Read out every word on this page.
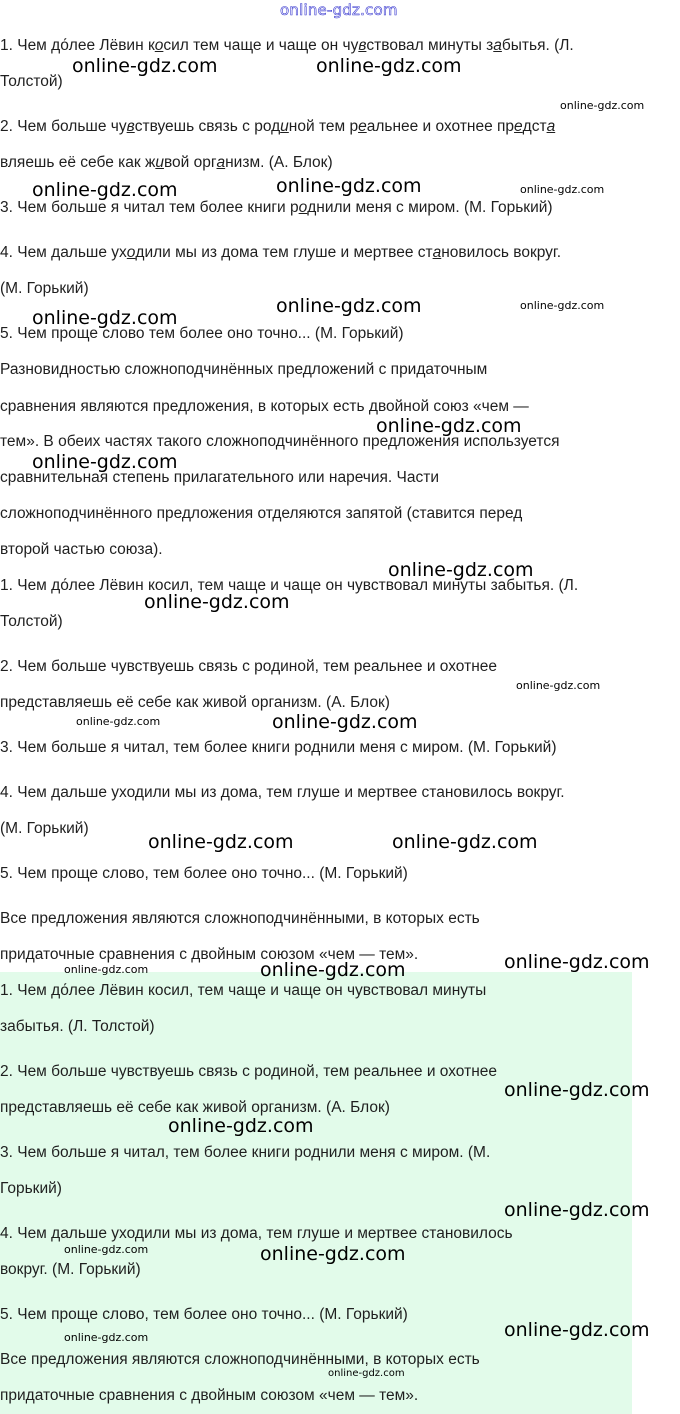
online-gdz.com
1. Чем до́лее Лёвин косил тем чаще и чаще он чувствовал минуты забытья. (Л.
Толстой)
2. Чем больше чувствуешь связь с родиной тем реальнее и охотнее предста
вляешь её себе как живой организм. (А. Блок)
3. Чем больше я читал тем более книги роднили меня с миром. (М. Горький)
4. Чем дальше уходили мы из дома тем глуше и мертвее становилось вокруг.
(М. Горький)
5. Чем проще слово тем более оно точно... (М. Горький)
Разновидностью сложноподчинённых предложений с придаточным
сравнения являются предложения, в которых есть двойной союз «чем —
тем». В обеих частях такого сложноподчинённого предложения используется
сравнительная степень прилагательного или наречия. Части
сложноподчинённого предложения отделяются запятой (ставится перед
второй частью союза).
1. Чем до́лее Лёвин косил, тем чаще и чаще он чувствовал минуты забытья. (Л.
Толстой)
2. Чем больше чувствуешь связь с родиной, тем реальнее и охотнее
представляешь её себе как живой организм. (А. Блок)
3. Чем больше я читал, тем более книги роднили меня с миром. (М. Горький)
4. Чем дальше уходили мы из дома, тем глуше и мертвее становилось вокруг.
(М. Горький)
5. Чем проще слово, тем более оно точно... (М. Горький)
Все предложения являются сложноподчинёнными, в которых есть
придаточные сравнения с двойным союзом «чем — тем».
1. Чем до́лее Лёвин косил, тем чаще и чаще он чувствовал минуты
забытья. (Л. Толстой)
2. Чем больше чувствуешь связь с родиной, тем реальнее и охотнее
представляешь её себе как живой организм. (А. Блок)
3. Чем больше я читал, тем более книги роднили меня с миром. (М.
Горький)
4. Чем дальше уходили мы из дома, тем глуше и мертвее становилось
вокруг. (М. Горький)
5. Чем проще слово, тем более оно точно... (М. Горький)
Все предложения являются сложноподчинёнными, в которых есть
придаточные сравнения с двойным союзом «чем — тем».
online-gdz.com	online-gdz.com
online-gdz.com
online-gdz.com	online-gdz.com	online-gdz.com
online-gdz.com	online-gdz.com
online-gdz.com
online-gdz.com
online-gdz.com
online-gdz.com
online-gdz.com
online-gdz.com
online-gdz.com	online-gdz.com
online-gdz.com	online-gdz.com
online-gdz.com
online-gdz.com	online-gdz.com
online-gdz.com
online-gdz.com
online-gdz.com
online-gdz.com	online-gdz.com
online-gdz.com
online-gdz.com
online-gdz.com
